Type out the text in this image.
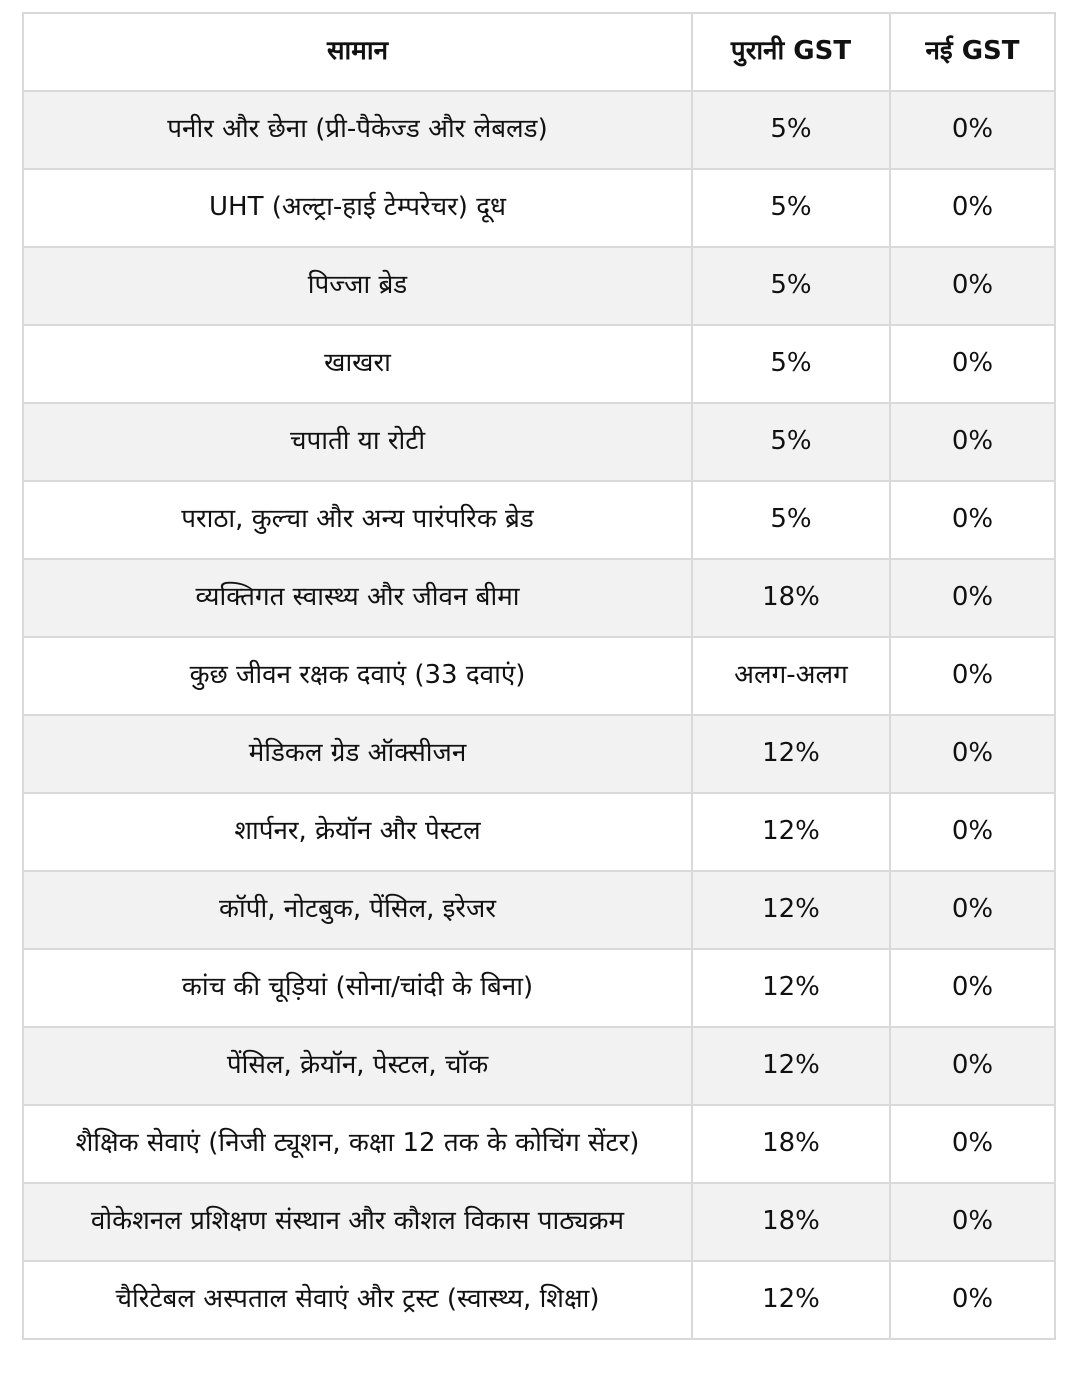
सामान	पुरानी GST	नई GST
पनीर और छेना (प्री-पैकेज्ड और लेबलड)	5%	0%
UHT (अल्ट्रा-हाई टेम्परेचर) दूध	5%	0%
पिज्जा ब्रेड	5%	0%
खाखरा	5%	0%
चपाती या रोटी	5%	0%
पराठा, कुल्चा और अन्य पारंपरिक ब्रेड	5%	0%
व्यक्तिगत स्वास्थ्य और जीवन बीमा	18%	0%
कुछ जीवन रक्षक दवाएं (33 दवाएं)	अलग-अलग	0%
मेडिकल ग्रेड ऑक्सीजन	12%	0%
शार्पनर, क्रेयॉन और पेस्टल	12%	0%
कॉपी, नोटबुक, पेंसिल, इरेजर	12%	0%
कांच की चूड़ियां (सोना/चांदी के बिना)	12%	0%
पेंसिल, क्रेयॉन, पेस्टल, चॉक	12%	0%
शैक्षिक सेवाएं (निजी ट्यूशन, कक्षा 12 तक के कोचिंग सेंटर)	18%	0%
वोकेशनल प्रशिक्षण संस्थान और कौशल विकास पाठ्यक्रम	18%	0%
चैरिटेबल अस्पताल सेवाएं और ट्रस्ट (स्वास्थ्य, शिक्षा)	12%	0%
